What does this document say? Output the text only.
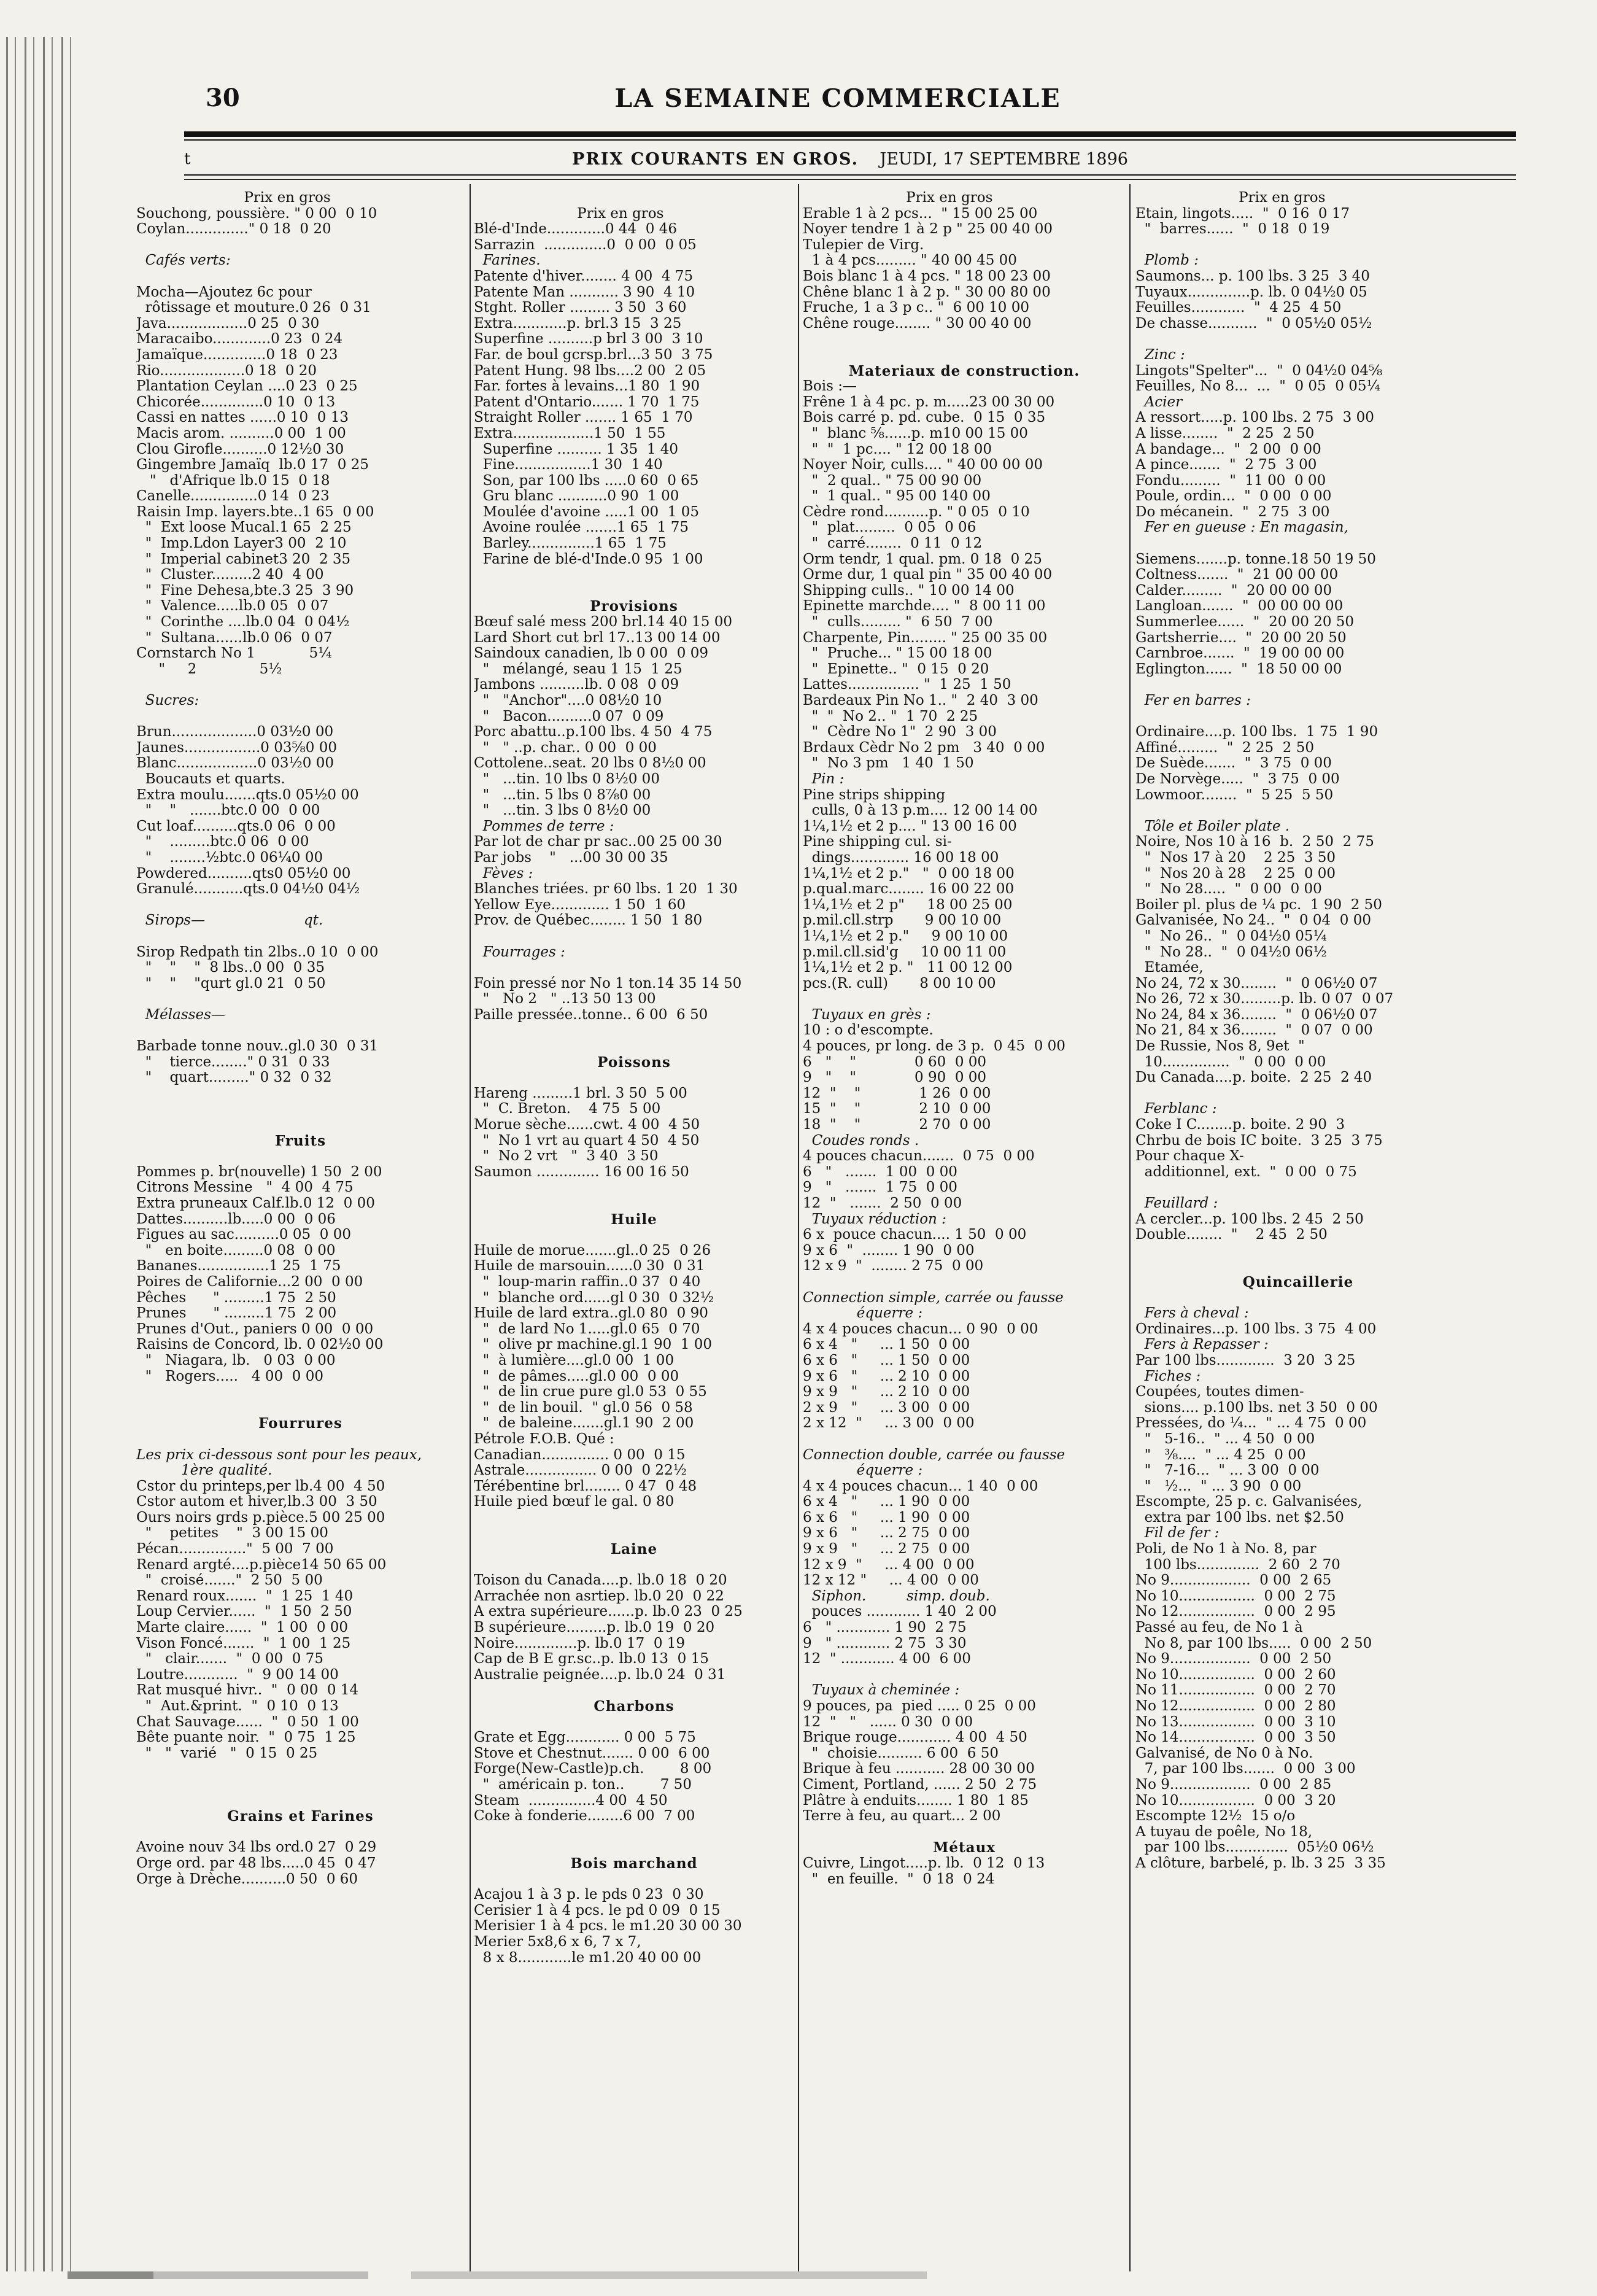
30	LA SEMAINE COMMERCIALE
t	PRIX COURANTS EN GROS. JEUDI, 17 SEPTEMBRE 1896
Prix en gros
Souchong, poussière. " 0 00  0 10
Coylan.............." 0 18  0 20
Cafés verts:
Mocha—Ajoutez 6c pour
rôtissage et mouture.0 26  0 31
Java..................0 25  0 30
Maracaibo.............0 23  0 24
Jamaïque..............0 18  0 23
Rio...................0 18  0 20
Plantation Ceylan ....0 23  0 25
Chicorée..............0 10  0 13
Cassi en nattes ......0 10  0 13
Macis arom. ..........0 00  1 00
Clou Girofle..........0 12½0 30
Gingembre Jamaïq  lb.0 17  0 25
"   d'Afrique lb.0 15  0 18
Canelle...............0 14  0 23
Raisin Imp. layers.bte..1 65  0 00
"  Ext loose Mucal.1 65  2 25
"  Imp.Ldon Layer3 00  2 10
"  Imperial cabinet3 20  2 35
"  Cluster.........2 40  4 00
"  Fine Dehesa,bte.3 25  3 90
"  Valence.....lb.0 05  0 07
"  Corinthe ....lb.0 04  0 04½
"  Sultana......lb.0 06  0 07
Cornstarch No 1            5¼
"     2              5½
Sucres:
Brun...................0 03½0 00
Jaunes.................0 03⅝0 00
Blanc..................0 03½0 00
Boucauts et quarts.
Extra moulu.......qts.0 05½0 00
"    "   .......btc.0 00  0 00
Cut loaf..........qts.0 06  0 00
"    .........btc.0 06  0 00
"    ........½btc.0 06¼0 00
Powdered..........qts0 05½0 00
Granulé...........qts.0 04½0 04½
Sirops—                      qt.
Sirop Redpath tin 2lbs..0 10  0 00
"    "    "  8 lbs..0 00  0 35
"    "    "qurt gl.0 21  0 50
Mélasses—
Barbade tonne nouv..gl.0 30  0 31
"    tierce........" 0 31  0 33
"    quart........." 0 32  0 32
Fruits
Pommes p. br(nouvelle) 1 50  2 00
Citrons Messine   "  4 00  4 75
Extra pruneaux Calf.lb.0 12  0 00
Dattes..........lb.....0 00  0 06
Figues au sac..........0 05  0 00
"   en boite.........0 08  0 00
Bananes................1 25  1 75
Poires de Californie...2 00  0 00
Pêches      " .........1 75  2 50
Prunes      " .........1 75  2 00
Prunes d'Out., paniers 0 00  0 00
Raisins de Concord, lb. 0 02½0 00
"   Niagara, lb.   0 03  0 00
"   Rogers.....   4 00  0 00
Fourrures
Les prix ci-dessous sont pour les peaux,
1ère qualité.
Cstor du printeps,per lb.4 00  4 50
Cstor autom et hiver,lb.3 00  3 50
Ours noirs grds p.pièce.5 00 25 00
"    petites    "  3 00 15 00
Pécan..............."  5 00  7 00
Renard argté....p.pièce14 50 65 00
"  croisé......."  2 50  5 00
Renard roux.......  "  1 25  1 40
Loup Cervier......  "  1 50  2 50
Marte claire......  "  1 00  0 00
Vison Foncé.......  "  1 00  1 25
"   clair.......  "  0 00  0 75
Loutre............  "  9 00 14 00
Rat musqué hivr..  "  0 00  0 14
"  Aut.&print.  "  0 10  0 13
Chat Sauvage......  "  0 50  1 00
Bête puante noir.  "  0 75  1 25
"   "  varié   "  0 15  0 25
Grains et Farines
Avoine nouv 34 lbs ord.0 27  0 29
Orge ord. par 48 lbs.....0 45  0 47
Orge à Drèche..........0 50  0 60
Prix en gros
Blé-d'Inde.............0 44  0 46
Sarrazin  ..............0  0 00  0 05
Farines.
Patente d'hiver........ 4 00  4 75
Patente Man ........... 3 90  4 10
Stght. Roller ......... 3 50  3 60
Extra............p. brl.3 15  3 25
Superfine ..........p brl 3 00  3 10
Far. de boul gcrsp.brl...3 50  3 75
Patent Hung. 98 lbs....2 00  2 05
Far. fortes à levains...1 80  1 90
Patent d'Ontario....... 1 70  1 75
Straight Roller ....... 1 65  1 70
Extra..................1 50  1 55
Superfine .......... 1 35  1 40
Fine.................1 30  1 40
Son, par 100 lbs .....0 60  0 65
Gru blanc ...........0 90  1 00
Moulée d'avoine .....1 00  1 05
Avoine roulée .......1 65  1 75
Barley...............1 65  1 75
Farine de blé-d'Inde.0 95  1 00
Provisions
Bœuf salé mess 200 brl.14 40 15 00
Lard Short cut brl 17..13 00 14 00
Saindoux canadien, lb 0 00  0 09
"   mélangé, seau 1 15  1 25
Jambons ..........lb. 0 08  0 09
"   "Anchor"....0 08½0 10
"   Bacon..........0 07  0 09
Porc abattu..p.100 lbs. 4 50  4 75
"   " ..p. char.. 0 00  0 00
Cottolene..seat. 20 lbs 0 8½0 00
"   ...tin. 10 lbs 0 8½0 00
"   ...tin. 5 lbs 0 8⅞0 00
"   ...tin. 3 lbs 0 8½0 00
Pommes de terre :
Par lot de char pr sac..00 25 00 30
Par jobs    "   ...00 30 00 35
Fèves :
Blanches triées. pr 60 lbs. 1 20  1 30
Yellow Eye............. 1 50  1 60
Prov. de Québec........ 1 50  1 80
Fourrages :
Foin pressé nor No 1 ton.14 35 14 50
"   No 2   " ..13 50 13 00
Paille pressée..tonne.. 6 00  6 50
Poissons
Hareng .........1 brl. 3 50  5 00
"  C. Breton.    4 75  5 00
Morue sèche......cwt. 4 00  4 50
"  No 1 vrt au quart 4 50  4 50
"  No 2 vrt   "  3 40  3 50
Saumon .............. 16 00 16 50
Huile
Huile de morue.......gl..0 25  0 26
Huile de marsouin......0 30  0 31
"  loup-marin raffin..0 37  0 40
"  blanche ord......gl 0 30  0 32½
Huile de lard extra..gl.0 80  0 90
"  de lard No 1.....gl.0 65  0 70
"  olive pr machine.gl.1 90  1 00
"  à lumière....gl.0 00  1 00
"  de pâmes.....gl.0 00  0 00
"  de lin crue pure gl.0 53  0 55
"  de lin bouil.  " gl.0 56  0 58
"  de baleine.......gl.1 90  2 00
Pétrole F.O.B. Qué :
Canadian............... 0 00  0 15
Astrale................ 0 00  0 22½
Térébentine brl........ 0 47  0 48
Huile pied bœuf le gal. 0 80
Laine
Toison du Canada....p. lb.0 18  0 20
Arrachée non asrtiep. lb.0 20  0 22
A extra supérieure......p. lb.0 23  0 25
B supérieure.........p. lb.0 19  0 20
Noire..............p. lb.0 17  0 19
Cap de B E gr.sc..p. lb.0 13  0 15
Australie peignée....p. lb.0 24  0 31
Charbons
Grate et Egg............ 0 00  5 75
Stove et Chestnut....... 0 00  6 00
Forge(New-Castle)p.ch.        8 00
"  américain p. ton..        7 50
Steam  ...............4 00  4 50
Coke à fonderie........6 00  7 00
Bois marchand
Acajou 1 à 3 p. le pds 0 23  0 30
Cerisier 1 à 4 pcs. le pd 0 09  0 15
Merisier 1 à 4 pcs. le m1.20 30 00 30
Merier 5x8,6 x 6, 7 x 7,
8 x 8............le m1.20 40 00 00
Prix en gros
Erable 1 à 2 pcs...  " 15 00 25 00
Noyer tendre 1 à 2 p " 25 00 40 00
Tulepier de Virg.
1 à 4 pcs......... " 40 00 45 00
Bois blanc 1 à 4 pcs. " 18 00 23 00
Chêne blanc 1 à 2 p. " 30 00 80 00
Fruche, 1 a 3 p c.. "  6 00 10 00
Chêne rouge........ " 30 00 40 00
Materiaux de construction.
Bois :—
Frêne 1 à 4 pc. p. m.....23 00 30 00
Bois carré p. pd. cube.  0 15  0 35
"  blanc ⅝......p. m10 00 15 00
"  "  1 pc.... " 12 00 18 00
Noyer Noir, culls.... " 40 00 00 00
"  2 qual.. " 75 00 90 00
"  1 qual.. " 95 00 140 00
Cèdre rond..........p. " 0 05  0 10
"  plat.........  0 05  0 06
"  carré........  0 11  0 12
Orm tendr, 1 qual. pm. 0 18  0 25
Orme dur, 1 qual pin " 35 00 40 00
Shipping culls.. " 10 00 14 00
Epinette marchde.... "  8 00 11 00
"  culls......... "  6 50  7 00
Charpente, Pin........ " 25 00 35 00
"  Pruche... " 15 00 18 00
"  Epinette.. "  0 15  0 20
Lattes................ "  1 25  1 50
Bardeaux Pin No 1.. "  2 40  3 00
"  "  No 2.. "  1 70  2 25
"  Cèdre No 1"  2 90  3 00
Brdaux Cèdr No 2 pm   3 40  0 00
"  No 3 pm   1 40  1 50
Pin :
Pine strips shipping
culls, 0 à 13 p.m.... 12 00 14 00
1¼,1½ et 2 p.... " 13 00 16 00
Pine shipping cul. si-
dings............. 16 00 18 00
1¼,1½ et 2 p."   "  0 00 18 00
p.qual.marc........ 16 00 22 00
1¼,1½ et 2 p"     18 00 25 00
p.mil.cll.strp       9 00 10 00
1¼,1½ et 2 p."     9 00 10 00
p.mil.cll.sid'g     10 00 11 00
1¼,1½ et 2 p. "   11 00 12 00
pcs.(R. cull)       8 00 10 00
Tuyaux en grès :
10 : o d'escompte.
4 pouces, pr long. de 3 p.  0 45  0 00
6   "    "             0 60  0 00
9   "    "             0 90  0 00
12  "    "             1 26  0 00
15  "    "             2 10  0 00
18  "    "             2 70  0 00
Coudes ronds .
4 pouces chacun.......  0 75  0 00
6   "   .......  1 00  0 00
9   "   .......  1 75  0 00
12  "   .......  2 50  0 00
Tuyaux réduction :
6 x  pouce chacun.... 1 50  0 00
9 x 6  "  ........ 1 90  0 00
12 x 9  "  ........ 2 75  0 00
Connection simple, carrée ou fausse
équerre :
4 x 4 pouces chacun... 0 90  0 00
6 x 4   "     ... 1 50  0 00
6 x 6   "     ... 1 50  0 00
9 x 6   "     ... 2 10  0 00
9 x 9   "     ... 2 10  0 00
2 x 9   "     ... 3 00  0 00
2 x 12  "     ... 3 00  0 00
Connection double, carrée ou fausse
équerre :
4 x 4 pouces chacun... 1 40  0 00
6 x 4   "     ... 1 90  0 00
6 x 6   "     ... 1 90  0 00
9 x 6   "     ... 2 75  0 00
9 x 9   "     ... 2 75  0 00
12 x 9  "     ... 4 00  0 00
12 x 12 "     ... 4 00  0 00
Siphon.         simp. doub.
pouces ............ 1 40  2 00
6   " ............ 1 90  2 75
9   " ............ 2 75  3 30
12  " ............ 4 00  6 00
Tuyaux à cheminée :
9 pouces, pa  pied ..... 0 25  0 00
12  "   "   ...... 0 30  0 00
Brique rouge............ 4 00  4 50
"  choisie.......... 6 00  6 50
Brique à feu ........... 28 00 30 00
Ciment, Portland, ...... 2 50  2 75
Plâtre à enduits........ 1 80  1 85
Terre à feu, au quart... 2 00
Métaux
Cuivre, Lingot.....p. lb.  0 12  0 13
"  en feuille.  "  0 18  0 24
Prix en gros
Etain, lingots.....  "  0 16  0 17
"  barres......  "  0 18  0 19
Plomb :
Saumons... p. 100 lbs. 3 25  3 40
Tuyaux..............p. lb. 0 04½0 05
Feuilles............  "  4 25  4 50
De chasse...........  "  0 05½0 05½
Zinc :
Lingots"Spelter"...  "  0 04½0 04⅝
Feuilles, No 8...  ...  "  0 05  0 05¼
Acier
A ressort.....p. 100 lbs. 2 75  3 00
A lisse........  "  2 25  2 50
A bandage...  "  2 00  0 00
A pince.......  "  2 75  3 00
Fondu.........  "  11 00  0 00
Poule, ordin...  "  0 00  0 00
Do mécanein.  "  2 75  3 00
Fer en gueuse : En magasin,
Siemens.......p. tonne.18 50 19 50
Coltness.......  "  21 00 00 00
Calder.........  "  20 00 00 00
Langloan.......  "  00 00 00 00
Summerlee......  "  20 00 20 50
Gartsherrie....  "  20 00 20 50
Carnbroe.......  "  19 00 00 00
Eglington......  "  18 50 00 00
Fer en barres :
Ordinaire....p. 100 lbs.  1 75  1 90
Affiné.........  "  2 25  2 50
De Suède.......  "  3 75  0 00
De Norvège.....  "  3 75  0 00
Lowmoor........  "  5 25  5 50
Tôle et Boiler plate .
Noire, Nos 10 à 16  b.  2 50  2 75
"  Nos 17 à 20    2 25  3 50
"  Nos 20 à 28    2 25  0 00
"  No 28.....  "  0 00  0 00
Boiler pl. plus de ¼ pc.  1 90  2 50
Galvanisée, No 24..  "  0 04  0 00
"  No 26..  "  0 04½0 05¼
"  No 28..  "  0 04½0 06½
Etamée,
No 24, 72 x 30........  "  0 06½0 07
No 26, 72 x 30.........p. lb. 0 07  0 07
No 24, 84 x 36........  "  0 06½0 07
No 21, 84 x 36........  "  0 07  0 00
De Russie, Nos 8, 9et  "
10...............  "  0 00  0 00
Du Canada....p. boite.  2 25  2 40
Ferblanc :
Coke I C........p. boite. 2 90  3
Chrbu de bois IC boite.  3 25  3 75
Pour chaque X-
additionnel, ext.  "  0 00  0 75
Feuillard :
A cercler...p. 100 lbs. 2 45  2 50
Double........  "    2 45  2 50
Quincaillerie
Fers à cheval :
Ordinaires...p. 100 lbs. 3 75  4 00
Fers à Repasser :
Par 100 lbs.............  3 20  3 25
Fiches :
Coupées, toutes dimen-
sions.... p.100 lbs. net 3 50  0 00
Pressées, do ¼...  " ... 4 75  0 00
"   5-16..  " ... 4 50  0 00
"   ⅜....  " ... 4 25  0 00
"   7-16...  " ... 3 00  0 00
"   ½...  " ... 3 90  0 00
Escompte, 25 p. c. Galvanisées,
extra par 100 lbs. net $2.50
Fil de fer :
Poli, de No 1 à No. 8, par
100 lbs..............  2 60  2 70
No 9..................  0 00  2 65
No 10.................  0 00  2 75
No 12.................  0 00  2 95
Passé au feu, de No 1 à
No 8, par 100 lbs.....  0 00  2 50
No 9..................  0 00  2 50
No 10.................  0 00  2 60
No 11.................  0 00  2 70
No 12.................  0 00  2 80
No 13.................  0 00  3 10
No 14.................  0 00  3 50
Galvanisé, de No 0 à No.
7, par 100 lbs.......  0 00  3 00
No 9..................  0 00  2 85
No 10.................  0 00  3 20
Escompte 12½  15 o/o
A tuyau de poêle, No 18,
par 100 lbs..............  05½0 06½
A clôture, barbelé, p. lb. 3 25  3 35
